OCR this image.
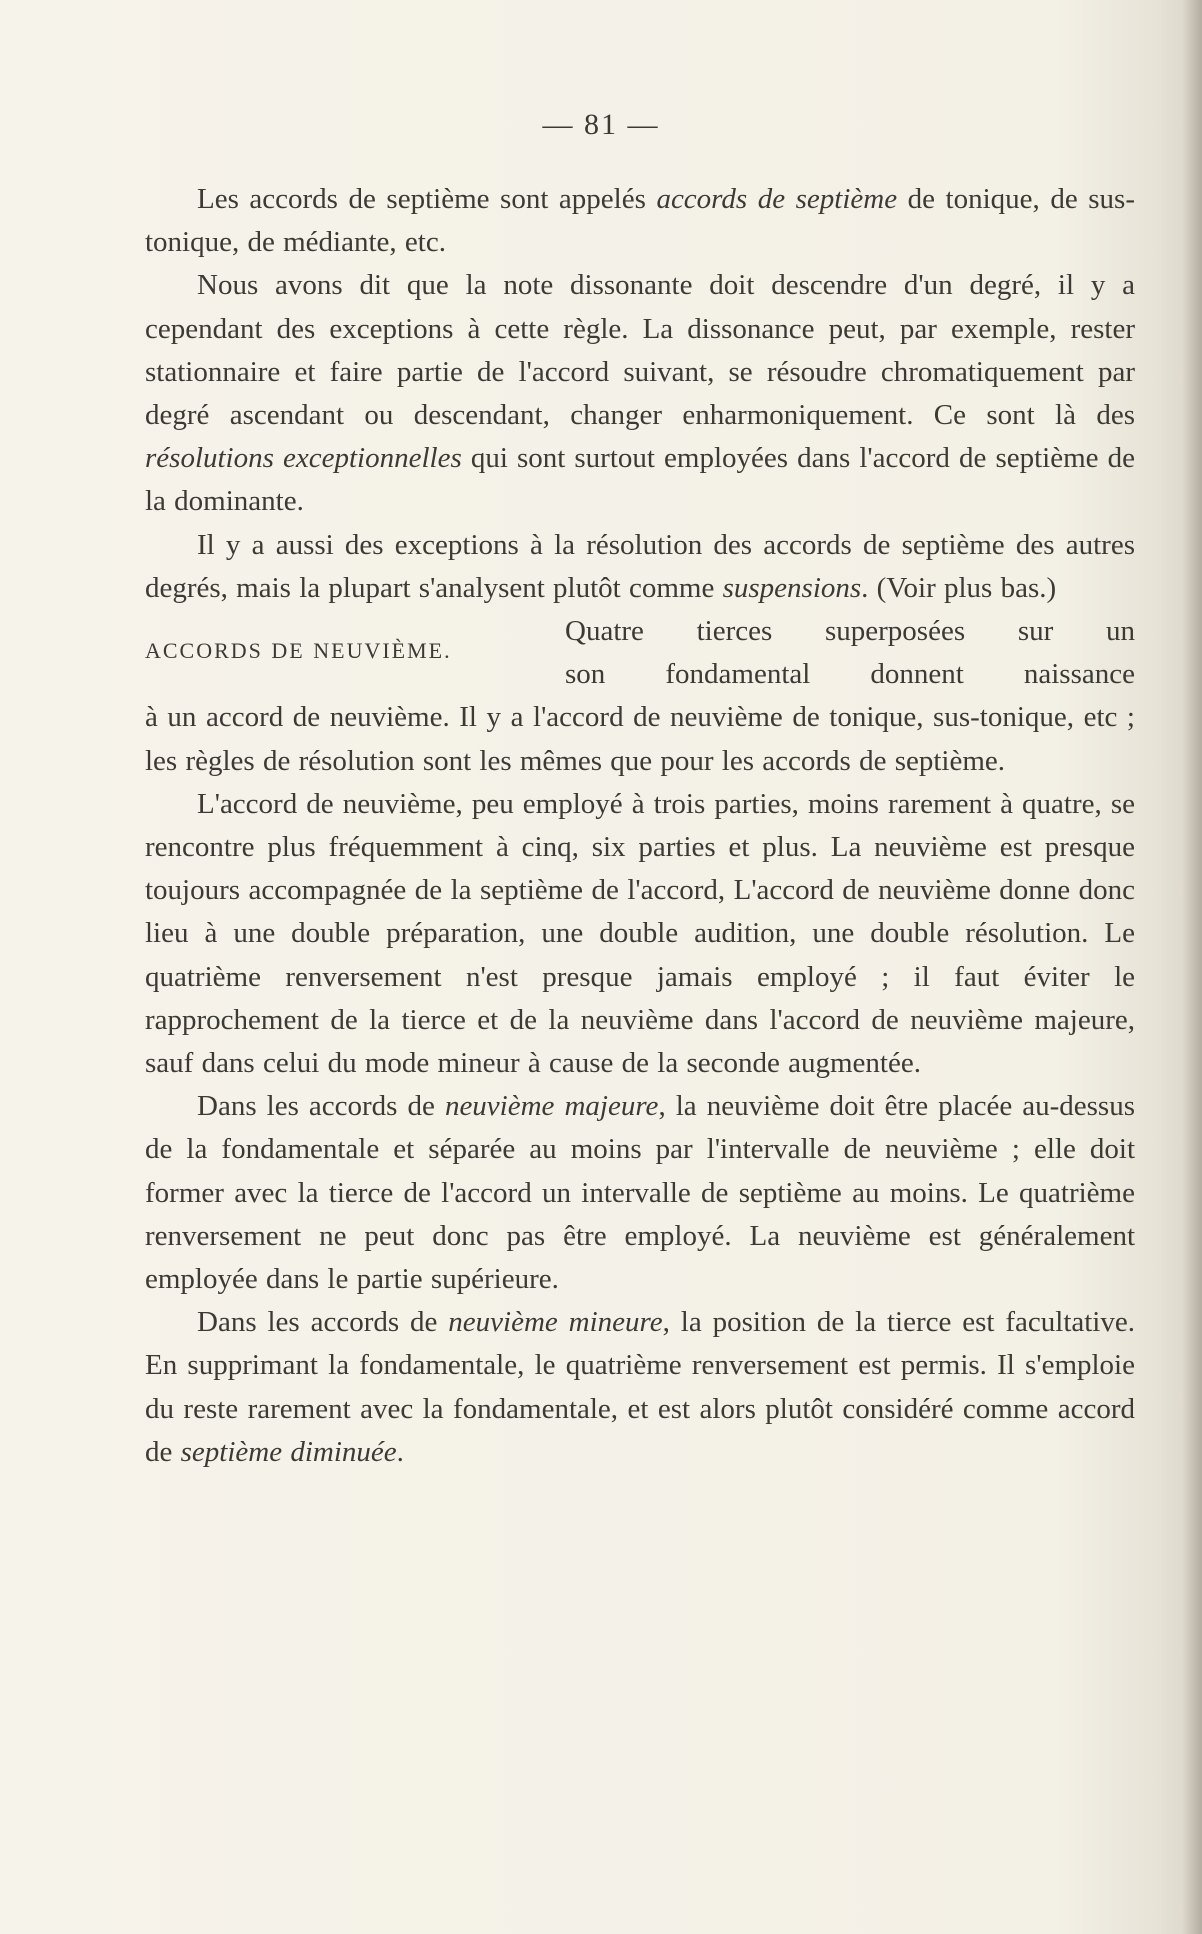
— 81 —

Les accords de septième sont appelés accords de septième de tonique, de sus-tonique, de médiante, etc.

Nous avons dit que la note dissonante doit descendre d'un degré, il y a cependant des exceptions à cette règle. La dissonance peut, par exemple, rester stationnaire et faire partie de l'accord suivant, se résoudre chromatiquement par degré ascendant ou descendant, changer enharmoniquement. Ce sont là des résolutions exceptionnelles qui sont surtout employées dans l'accord de septième de la dominante.

Il y a aussi des exceptions à la résolution des accords de septième des autres degrés, mais la plupart s'analysent plutôt comme suspensions. (Voir plus bas.)

ACCORDS DE NEUVIÈME.
Quatre tierces superposées sur un
son fondamental donnent naissance

à un accord de neuvième. Il y a l'accord de neuvième de tonique, sus-tonique, etc ; les règles de résolution sont les mêmes que pour les accords de septième.

L'accord de neuvième, peu employé à trois parties, moins rarement à quatre, se rencontre plus fréquemment à cinq, six parties et plus. La neuvième est presque toujours accompagnée de la septième de l'accord, L'accord de neuvième donne donc lieu à une double préparation, une double audition, une double résolution. Le quatrième renversement n'est presque jamais employé ; il faut éviter le rapprochement de la tierce et de la neuvième dans l'accord de neuvième majeure, sauf dans celui du mode mineur à cause de la seconde augmentée.

Dans les accords de neuvième majeure, la neuvième doit être placée au-dessus de la fondamentale et séparée au moins par l'intervalle de neuvième ; elle doit former avec la tierce de l'accord un intervalle de septième au moins. Le quatrième renversement ne peut donc pas être employé. La neuvième est généralement employée dans le partie supérieure.

Dans les accords de neuvième mineure, la position de la tierce est facultative. En supprimant la fondamentale, le quatrième renversement est permis. Il s'emploie du reste rarement avec la fondamentale, et est alors plutôt considéré comme accord de septième diminuée.
